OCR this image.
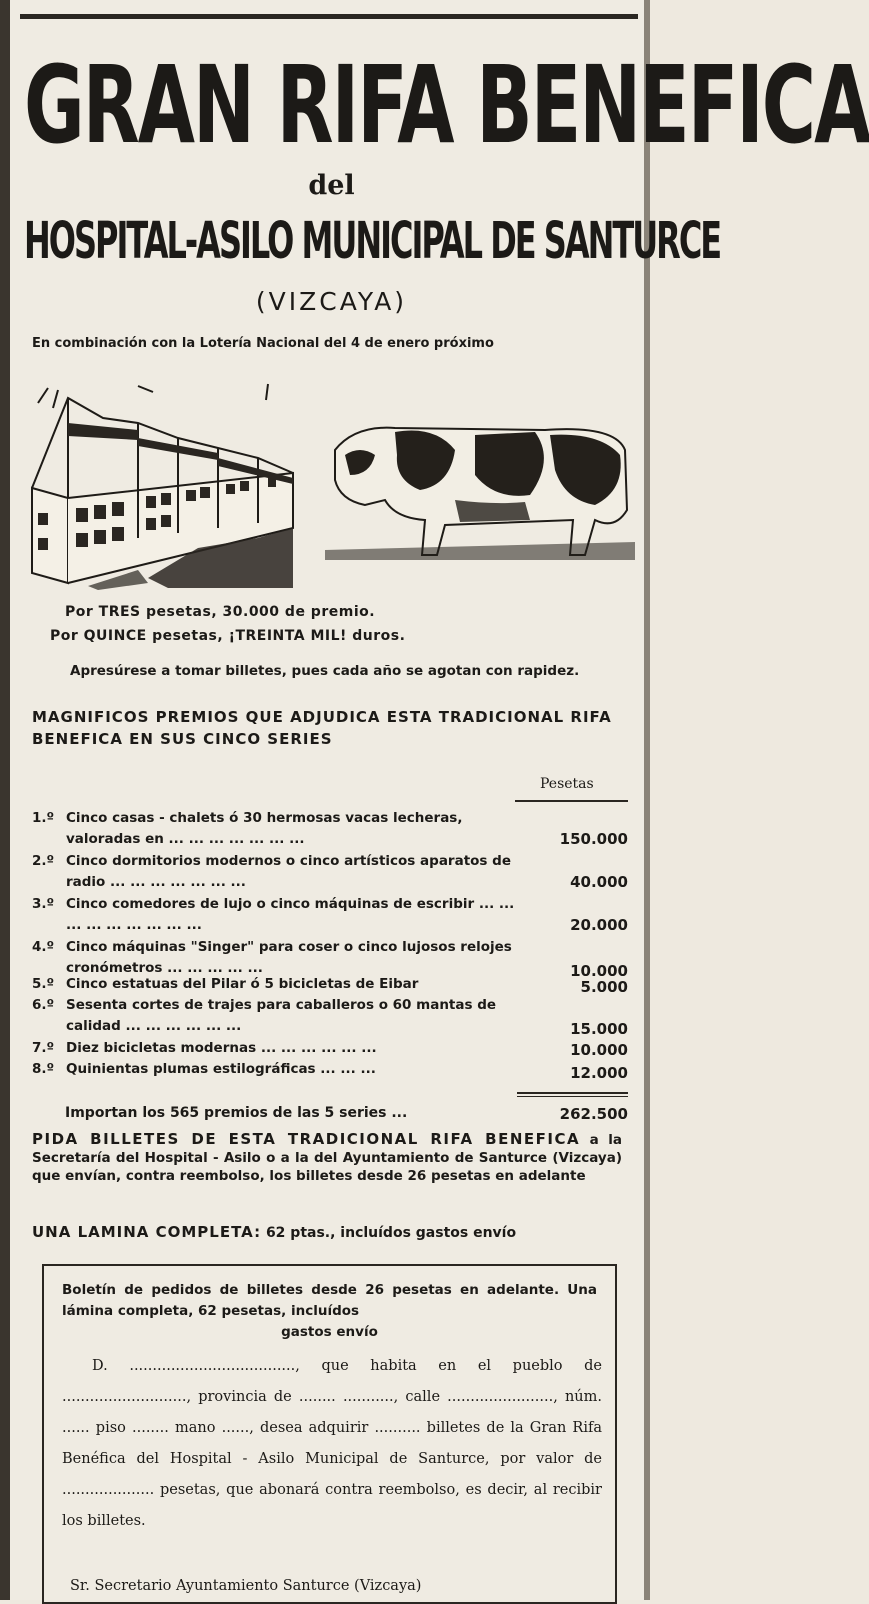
GRAN RIFA BENEFICA
del
HOSPITAL-ASILO MUNICIPAL DE SANTURCE
(VIZCAYA)
En combinación con la Lotería Nacional del 4 de enero próximo
Por TRES pesetas, 30.000 de premio.
Por QUINCE pesetas, ¡TREINTA MIL! duros.
Apresúrese a tomar billetes, pues cada año se agotan con rapidez.
MAGNIFICOS PREMIOS QUE ADJUDICA ESTA TRADICIONAL RIFA BENEFICA EN SUS CINCO SERIES
Pesetas
1.º Cinco casas - chalets ó 30 hermosas vacas lecheras, valoradas en ... ... ... ... ... ... ...	150.000
2.º Cinco dormitorios modernos o cinco artísticos aparatos de radio ... ... ... ... ... ... ...	40.000
3.º Cinco comedores de lujo o cinco máquinas de escribir ... ... ... ... ... ... ... ... ...	20.000
4.º Cinco máquinas "Singer" para coser o cinco lujosos relojes cronómetros ... ... ... ... ...	10.000
5.º Cinco estatuas del Pilar ó 5 bicicletas de Eibar	5.000
6.º Sesenta cortes de trajes para caballeros o 60 mantas de calidad ... ... ... ... ... ...	15.000
7.º Diez bicicletas modernas ... ... ... ... ... ...	10.000
8.º Quinientas plumas estilográficas ... ... ...	12.000
Importan los 565 premios de las 5 series ...	262.500
PIDA BILLETES DE ESTA TRADICIONAL RIFA BENEFICA a la Secretaría del Hospital - Asilo o a la del Ayuntamiento de Santurce (Vizcaya) que envían, contra reembolso, los billetes desde 26 pesetas en adelante
UNA LAMINA COMPLETA: 62 ptas., incluídos gastos envío
Boletín de pedidos de billetes desde 26 pesetas en adelante. Una lámina completa, 62 pesetas, incluídos
gastos envío
D. ...................................., que habita en el pueblo de ..........................., provincia de ........ ..........., calle ......................., núm. ...... piso ........ mano ......, desea adquirir .......... billetes de la Gran Rifa Benéfica del Hospital - Asilo Municipal de Santurce, por valor de .................... pesetas, que abonará contra reembolso, es decir, al recibir los billetes.
Sr. Secretario Ayuntamiento Santurce (Vizcaya)
